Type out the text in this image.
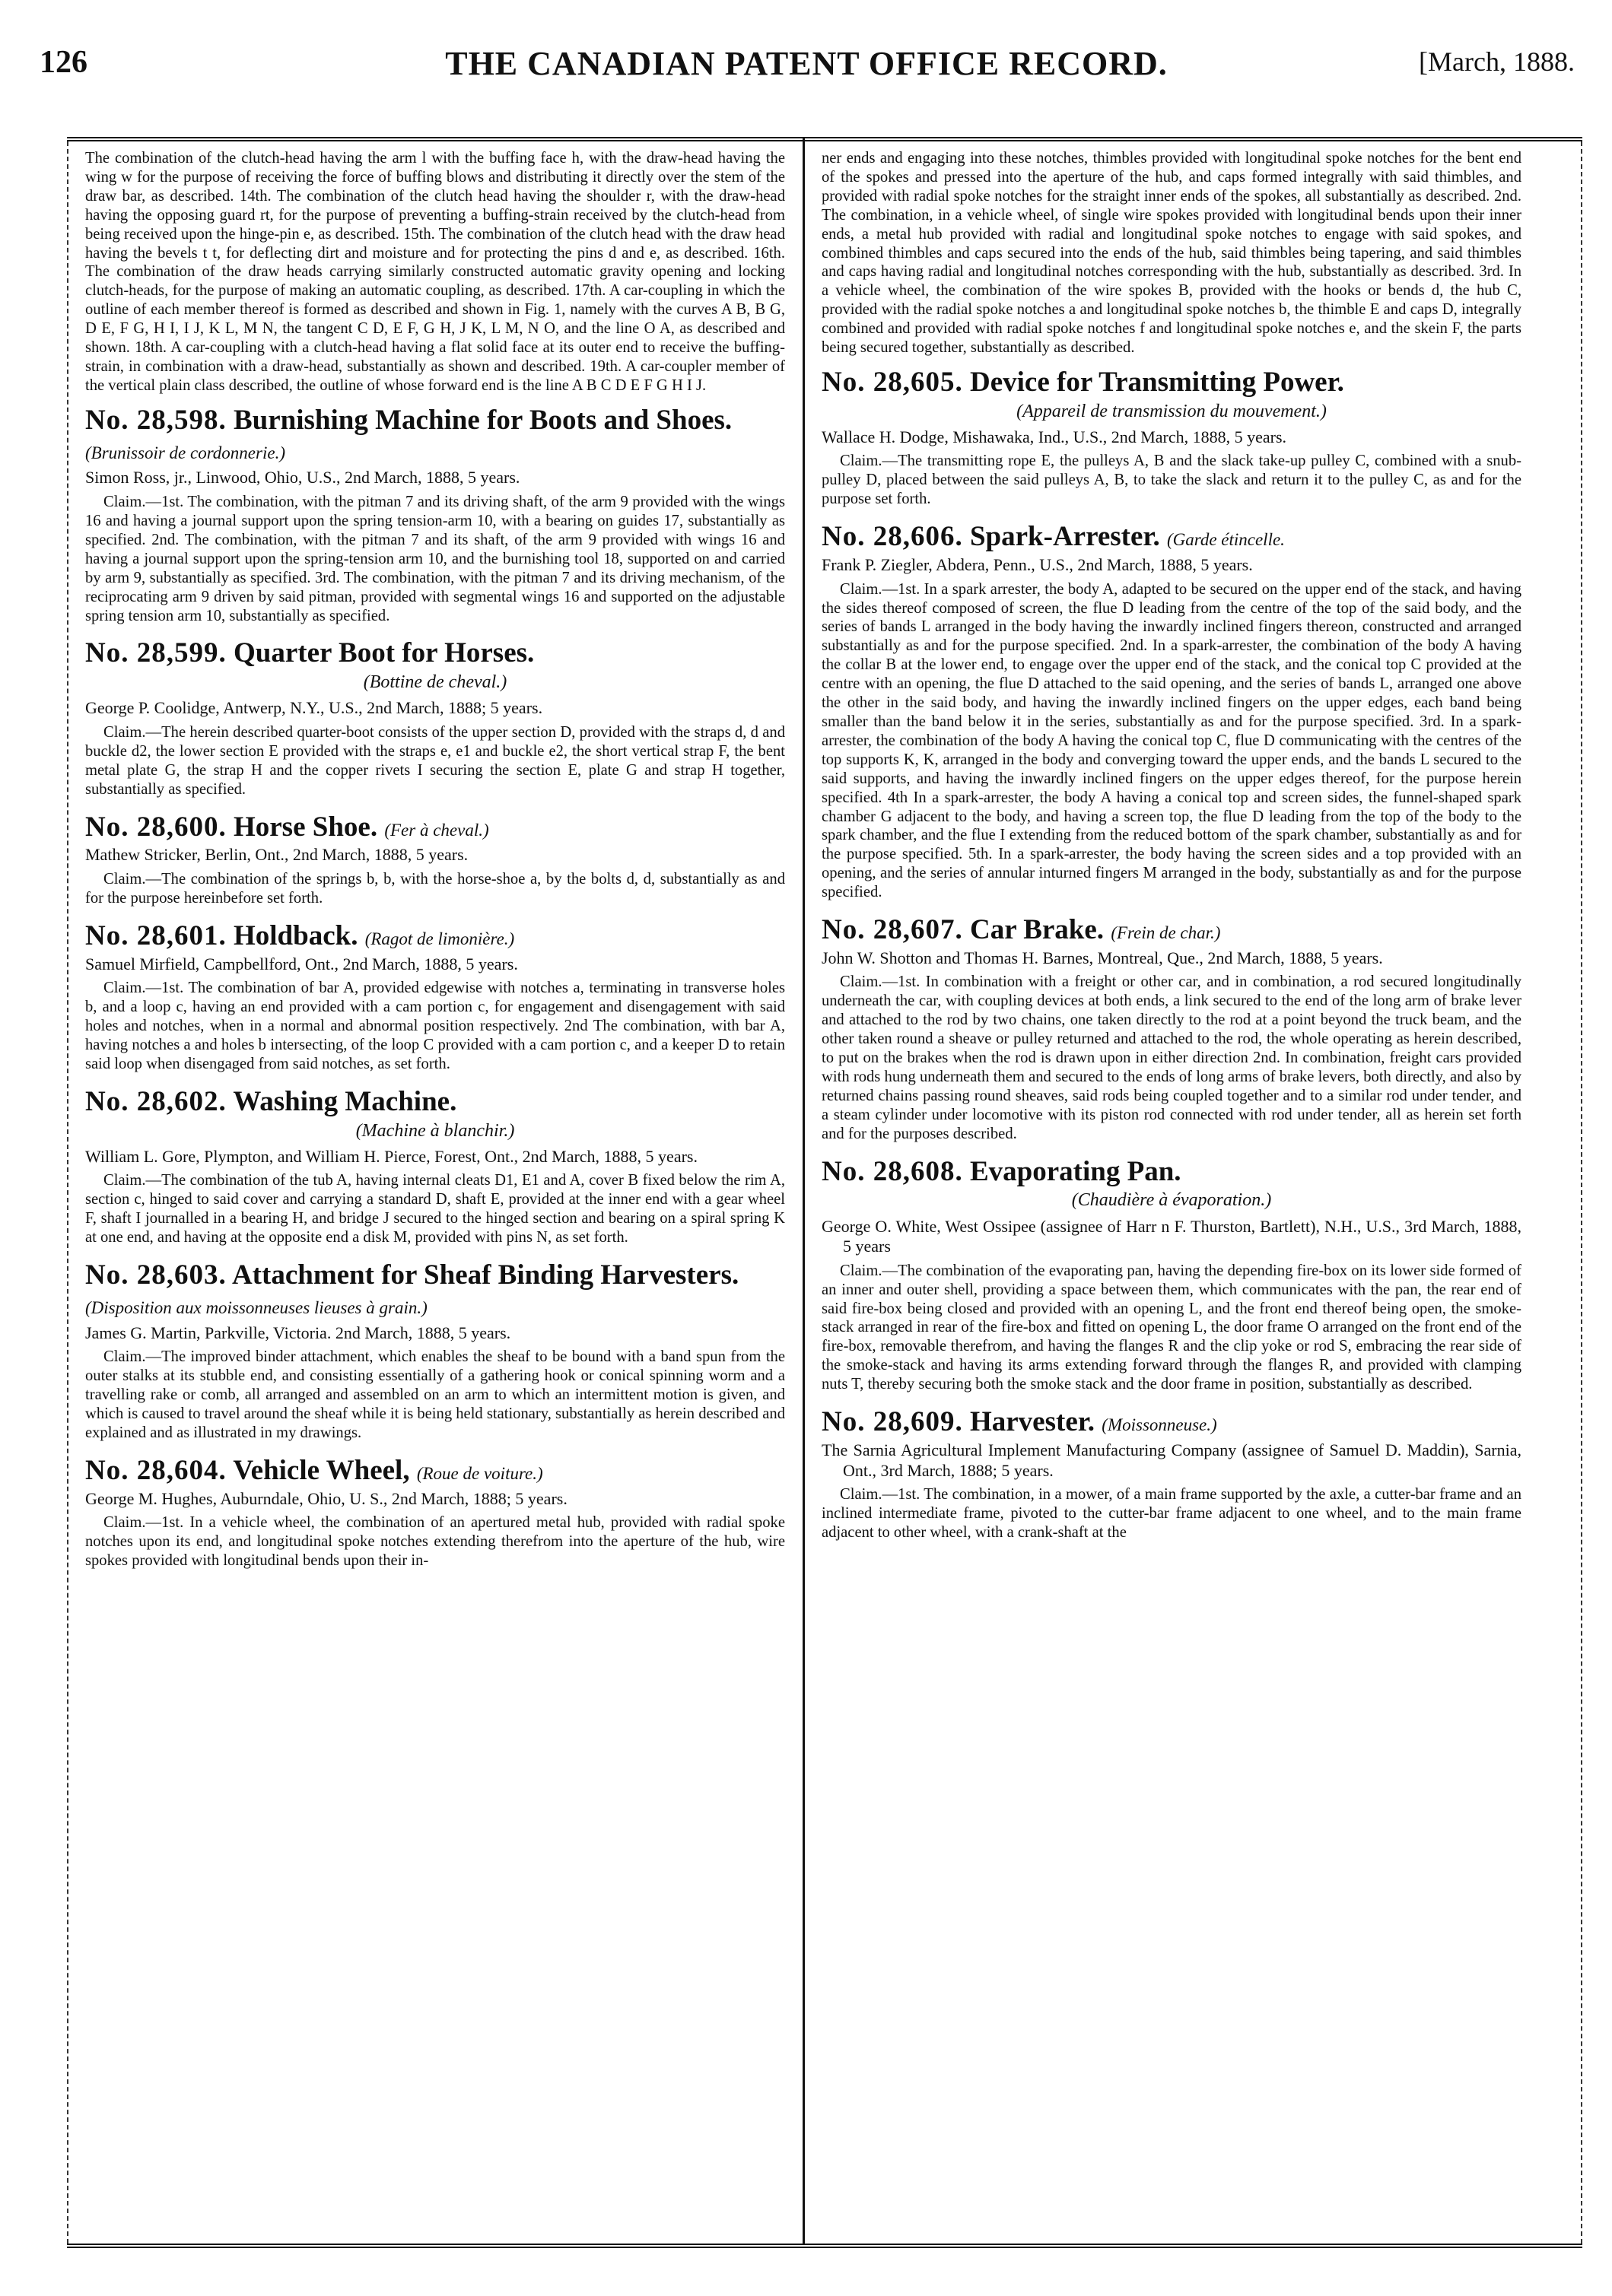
126	THE CANADIAN PATENT OFFICE RECORD.	[March, 1888.

The combination of the clutch-head having the arm l with the buffing face h, with the draw-head having the wing w for the purpose of receiving the force of buffing blows and distributing it directly over the stem of the draw bar, as described. 14th. The combination of the clutch head having the shoulder r, with the draw-head having the opposing guard rt, for the purpose of preventing a buffing-strain received by the clutch-head from being received upon the hinge-pin e, as described. 15th. The combination of the clutch head with the draw head having the bevels t t, for deflecting dirt and moisture and for protecting the pins d and e, as described. 16th. The combination of the draw heads carrying similarly constructed automatic gravity opening and locking clutch-heads, for the purpose of making an automatic coupling, as described. 17th. A car-coupling in which the outline of each member thereof is formed as described and shown in Fig. 1, namely with the curves A B, B G, D E, F G, H I, I J, K L, M N, the tangent C D, E F, G H, J K, L M, N O, and the line O A, as described and shown. 18th. A car-coupling with a clutch-head having a flat solid face at its outer end to receive the buffing-strain, in combination with a draw-head, substantially as shown and described. 19th. A car-coupler member of the vertical plain class described, the outline of whose forward end is the line A B C D E F G H I J.

No. 28,598. Burnishing Machine for Boots and Shoes. (Brunissoir de cordonnerie.)

Simon Ross, jr., Linwood, Ohio, U.S., 2nd March, 1888, 5 years.

Claim.—1st. The combination, with the pitman 7 and its driving shaft, of the arm 9 provided with the wings 16 and having a journal support upon the spring tension-arm 10, with a bearing on guides 17, substantially as specified. 2nd. The combination, with the pitman 7 and its shaft, of the arm 9 provided with wings 16 and having a journal support upon the spring-tension arm 10, and the burnishing tool 18, supported on and carried by arm 9, substantially as specified. 3rd. The combination, with the pitman 7 and its driving mechanism, of the reciprocating arm 9 driven by said pitman, provided with segmental wings 16 and supported on the adjustable spring tension arm 10, substantially as specified.

No. 28,599. Quarter Boot for Horses.

(Bottine de cheval.)

George P. Coolidge, Antwerp, N.Y., U.S., 2nd March, 1888; 5 years.

Claim.—The herein described quarter-boot consists of the upper section D, provided with the straps d, d and buckle d2, the lower section E provided with the straps e, e1 and buckle e2, the short vertical strap F, the bent metal plate G, the strap H and the copper rivets I securing the section E, plate G and strap H together, substantially as specified.

No. 28,600. Horse Shoe. (Fer à cheval.)

Mathew Stricker, Berlin, Ont., 2nd March, 1888, 5 years.

Claim.—The combination of the springs b, b, with the horse-shoe a, by the bolts d, d, substantially as and for the purpose hereinbefore set forth.

No. 28,601. Holdback. (Ragot de limonière.)

Samuel Mirfield, Campbellford, Ont., 2nd March, 1888, 5 years.

Claim.—1st. The combination of bar A, provided edgewise with notches a, terminating in transverse holes b, and a loop c, having an end provided with a cam portion c, for engagement and disengagement with said holes and notches, when in a normal and abnormal position respectively. 2nd The combination, with bar A, having notches a and holes b intersecting, of the loop C provided with a cam portion c, and a keeper D to retain said loop when disengaged from said notches, as set forth.

No. 28,602. Washing Machine.

(Machine à blanchir.)

William L. Gore, Plympton, and William H. Pierce, Forest, Ont., 2nd March, 1888, 5 years.

Claim.—The combination of the tub A, having internal cleats D1, E1 and A, cover B fixed below the rim A, section c, hinged to said cover and carrying a standard D, shaft E, provided at the inner end with a gear wheel F, shaft I journalled in a bearing H, and bridge J secured to the hinged section and bearing on a spiral spring K at one end, and having at the opposite end a disk M, provided with pins N, as set forth.

No. 28,603. Attachment for Sheaf Binding Harvesters. (Disposition aux moissonneuses lieuses à grain.)

James G. Martin, Parkville, Victoria. 2nd March, 1888, 5 years.

Claim.—The improved binder attachment, which enables the sheaf to be bound with a band spun from the outer stalks at its stubble end, and consisting essentially of a gathering hook or conical spinning worm and a travelling rake or comb, all arranged and assembled on an arm to which an intermittent motion is given, and which is caused to travel around the sheaf while it is being held stationary, substantially as herein described and explained and as illustrated in my drawings.

No. 28,604. Vehicle Wheel, (Roue de voiture.)

George M. Hughes, Auburndale, Ohio, U. S., 2nd March, 1888; 5 years.

Claim.—1st. In a vehicle wheel, the combination of an apertured metal hub, provided with radial spoke notches upon its end, and longitudinal spoke notches extending therefrom into the aperture of the hub, wire spokes provided with longitudinal bends upon their in-

ner ends and engaging into these notches, thimbles provided with longitudinal spoke notches for the bent end of the spokes and pressed into the aperture of the hub, and caps formed integrally with said thimbles, and provided with radial spoke notches for the straight inner ends of the spokes, all substantially as described. 2nd. The combination, in a vehicle wheel, of single wire spokes provided with longitudinal bends upon their inner ends, a metal hub provided with radial and longitudinal spoke notches to engage with said spokes, and combined thimbles and caps secured into the ends of the hub, said thimbles being tapering, and said thimbles and caps having radial and longitudinal notches corresponding with the hub, substantially as described. 3rd. In a vehicle wheel, the combination of the wire spokes B, provided with the hooks or bends d, the hub C, provided with the radial spoke notches a and longitudinal spoke notches b, the thimble E and caps D, integrally combined and provided with radial spoke notches f and longitudinal spoke notches e, and the skein F, the parts being secured together, substantially as described.

No. 28,605. Device for Transmitting Power.

(Appareil de transmission du mouvement.)

Wallace H. Dodge, Mishawaka, Ind., U.S., 2nd March, 1888, 5 years.

Claim.—The transmitting rope E, the pulleys A, B and the slack take-up pulley C, combined with a snub-pulley D, placed between the said pulleys A, B, to take the slack and return it to the pulley C, as and for the purpose set forth.

No. 28,606. Spark-Arrester. (Garde étincelle.

Frank P. Ziegler, Abdera, Penn., U.S., 2nd March, 1888, 5 years.

Claim.—1st. In a spark arrester, the body A, adapted to be secured on the upper end of the stack, and having the sides thereof composed of screen, the flue D leading from the centre of the top of the said body, and the series of bands L arranged in the body having the inwardly inclined fingers thereon, constructed and arranged substantially as and for the purpose specified. 2nd. In a spark-arrester, the combination of the body A having the collar B at the lower end, to engage over the upper end of the stack, and the conical top C provided at the centre with an opening, the flue D attached to the said opening, and the series of bands L, arranged one above the other in the said body, and having the inwardly inclined fingers on the upper edges, each band being smaller than the band below it in the series, substantially as and for the purpose specified. 3rd. In a spark-arrester, the combination of the body A having the conical top C, flue D communicating with the centres of the top supports K, K, arranged in the body and converging toward the upper ends, and the bands L secured to the said supports, and having the inwardly inclined fingers on the upper edges thereof, for the purpose herein specified. 4th In a spark-arrester, the body A having a conical top and screen sides, the funnel-shaped spark chamber G adjacent to the body, and having a screen top, the flue D leading from the top of the body to the spark chamber, and the flue I extending from the reduced bottom of the spark chamber, substantially as and for the purpose specified. 5th. In a spark-arrester, the body having the screen sides and a top provided with an opening, and the series of annular inturned fingers M arranged in the body, substantially as and for the purpose specified.

No. 28,607. Car Brake. (Frein de char.)

John W. Shotton and Thomas H. Barnes, Montreal, Que., 2nd March, 1888, 5 years.

Claim.—1st. In combination with a freight or other car, and in combination, a rod secured longitudinally underneath the car, with coupling devices at both ends, a link secured to the end of the long arm of brake lever and attached to the rod by two chains, one taken directly to the rod at a point beyond the truck beam, and the other taken round a sheave or pulley returned and attached to the rod, the whole operating as herein described, to put on the brakes when the rod is drawn upon in either direction 2nd. In combination, freight cars provided with rods hung underneath them and secured to the ends of long arms of brake levers, both directly, and also by returned chains passing round sheaves, said rods being coupled together and to a similar rod under tender, and a steam cylinder under locomotive with its piston rod connected with rod under tender, all as herein set forth and for the purposes described.

No. 28,608. Evaporating Pan.

(Chaudière à évaporation.)

George O. White, West Ossipee (assignee of Harr n F. Thurston, Bartlett), N.H., U.S., 3rd March, 1888, 5 years

Claim.—The combination of the evaporating pan, having the depending fire-box on its lower side formed of an inner and outer shell, providing a space between them, which communicates with the pan, the rear end of said fire-box being closed and provided with an opening L, and the front end thereof being open, the smoke-stack arranged in rear of the fire-box and fitted on opening L, the door frame O arranged on the front end of the fire-box, removable therefrom, and having the flanges R and the clip yoke or rod S, embracing the rear side of the smoke-stack and having its arms extending forward through the flanges R, and provided with clamping nuts T, thereby securing both the smoke stack and the door frame in position, substantially as described.

No. 28,609. Harvester. (Moissonneuse.)

The Sarnia Agricultural Implement Manufacturing Company (assignee of Samuel D. Maddin), Sarnia, Ont., 3rd March, 1888; 5 years.

Claim.—1st. The combination, in a mower, of a main frame supported by the axle, a cutter-bar frame and an inclined intermediate frame, pivoted to the cutter-bar frame adjacent to one wheel, and to the main frame adjacent to other wheel, with a crank-shaft at the
